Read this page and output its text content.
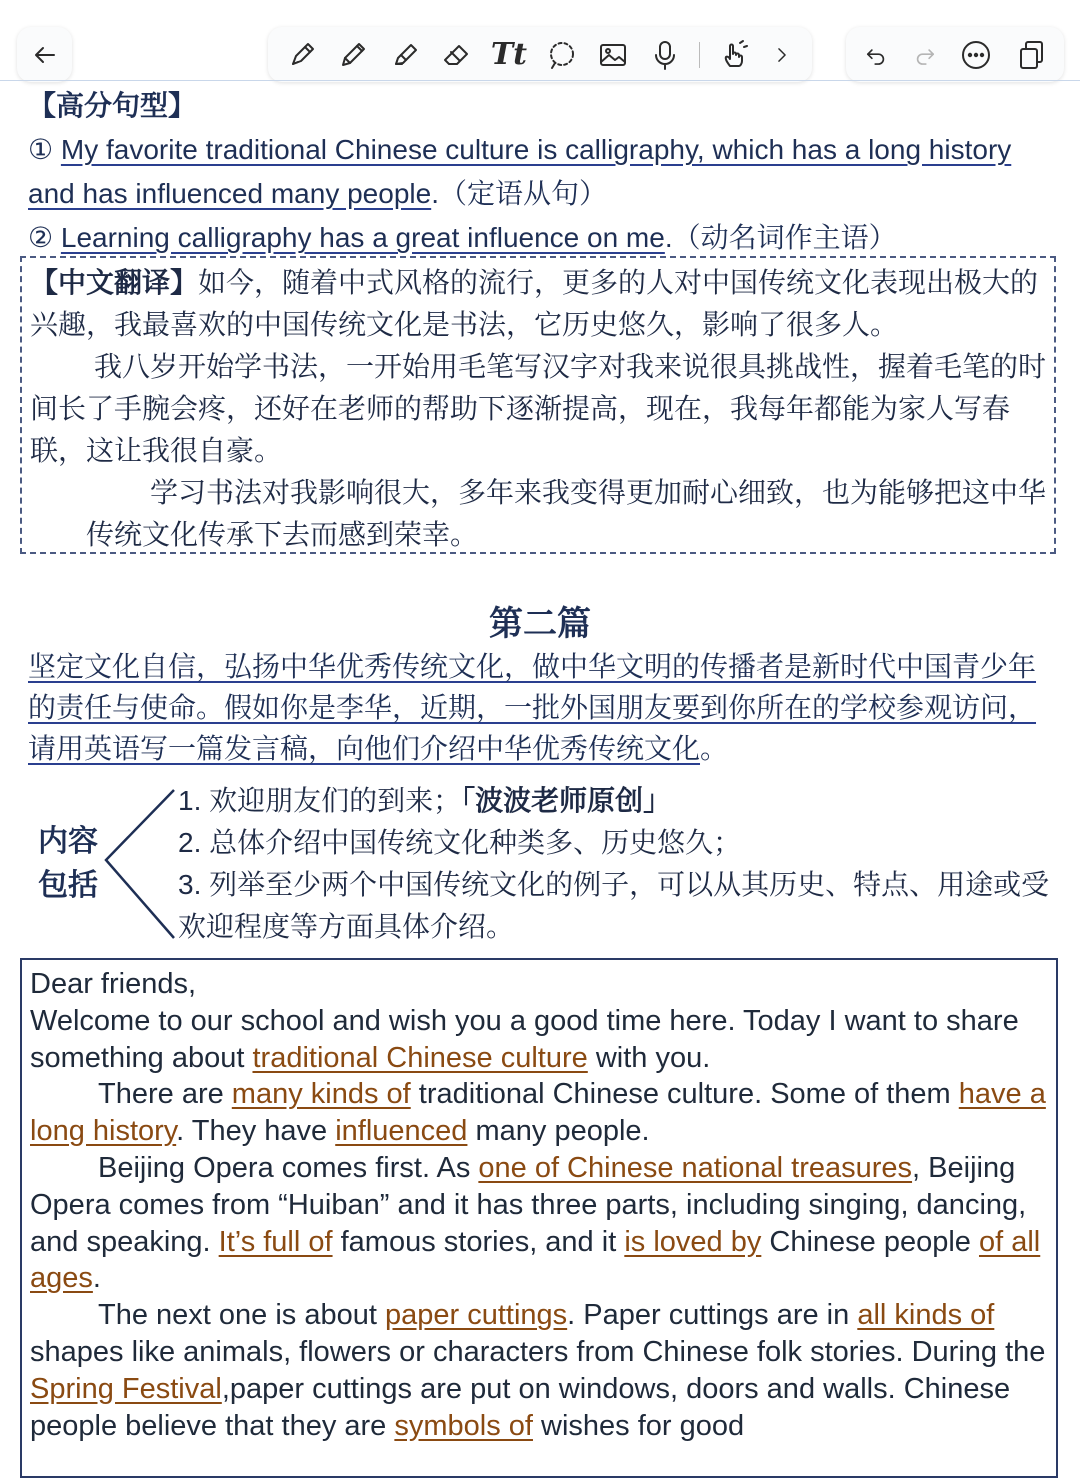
Tt
【高分句型】
① My favorite traditional Chinese culture is calligraphy, which has a long history and has influenced many people.（定语从句）
② Learning calligraphy has a great influence on me.（动名词作主语）
【中文翻译】如今，随着中式风格的流行，更多的人对中国传统文化表现出极大的兴趣，我最喜欢的中国传统文化是书法，它历史悠久，影响了很多人。
我八岁开始学书法，一开始用毛笔写汉字对我来说很具挑战性，握着毛笔的时间长了手腕会疼，还好在老师的帮助下逐渐提高，现在，我每年都能为家人写春联，这让我很自豪。
学习书法对我影响很大，多年来我变得更加耐心细致，也为能够把这中华传统文化传承下去而感到荣幸。
第二篇
坚定文化自信，弘扬中华优秀传统文化，做中华文明的传播者是新时代中国青少年的责任与使命。假如你是李华，近期，一批外国朋友要到你所在的学校参观访问，请用英语写一篇发言稿，向他们介绍中华优秀传统文化。
内容包括
1. 欢迎朋友们的到来；「波波老师原创」
2. 总体介绍中国传统文化种类多、历史悠久；
3. 列举至少两个中国传统文化的例子，可以从其历史、特点、用途或受欢迎程度等方面具体介绍。
Dear friends,
Welcome to our school and wish you a good time here. Today I want to share something about traditional Chinese culture with you.
There are many kinds of traditional Chinese culture. Some of them have a long history. They have influenced many people.
Beijing Opera comes first. As one of Chinese national treasures, Beijing Opera comes from “Huiban” and it has three parts, including singing, dancing, and speaking. It’s full of famous stories, and it is loved by Chinese people of all ages.
The next one is about paper cuttings. Paper cuttings are in all kinds of shapes like animals, flowers or characters from Chinese folk stories. During the Spring Festival,paper cuttings are put on windows, doors and walls. Chinese people believe that they are symbols of wishes for good
